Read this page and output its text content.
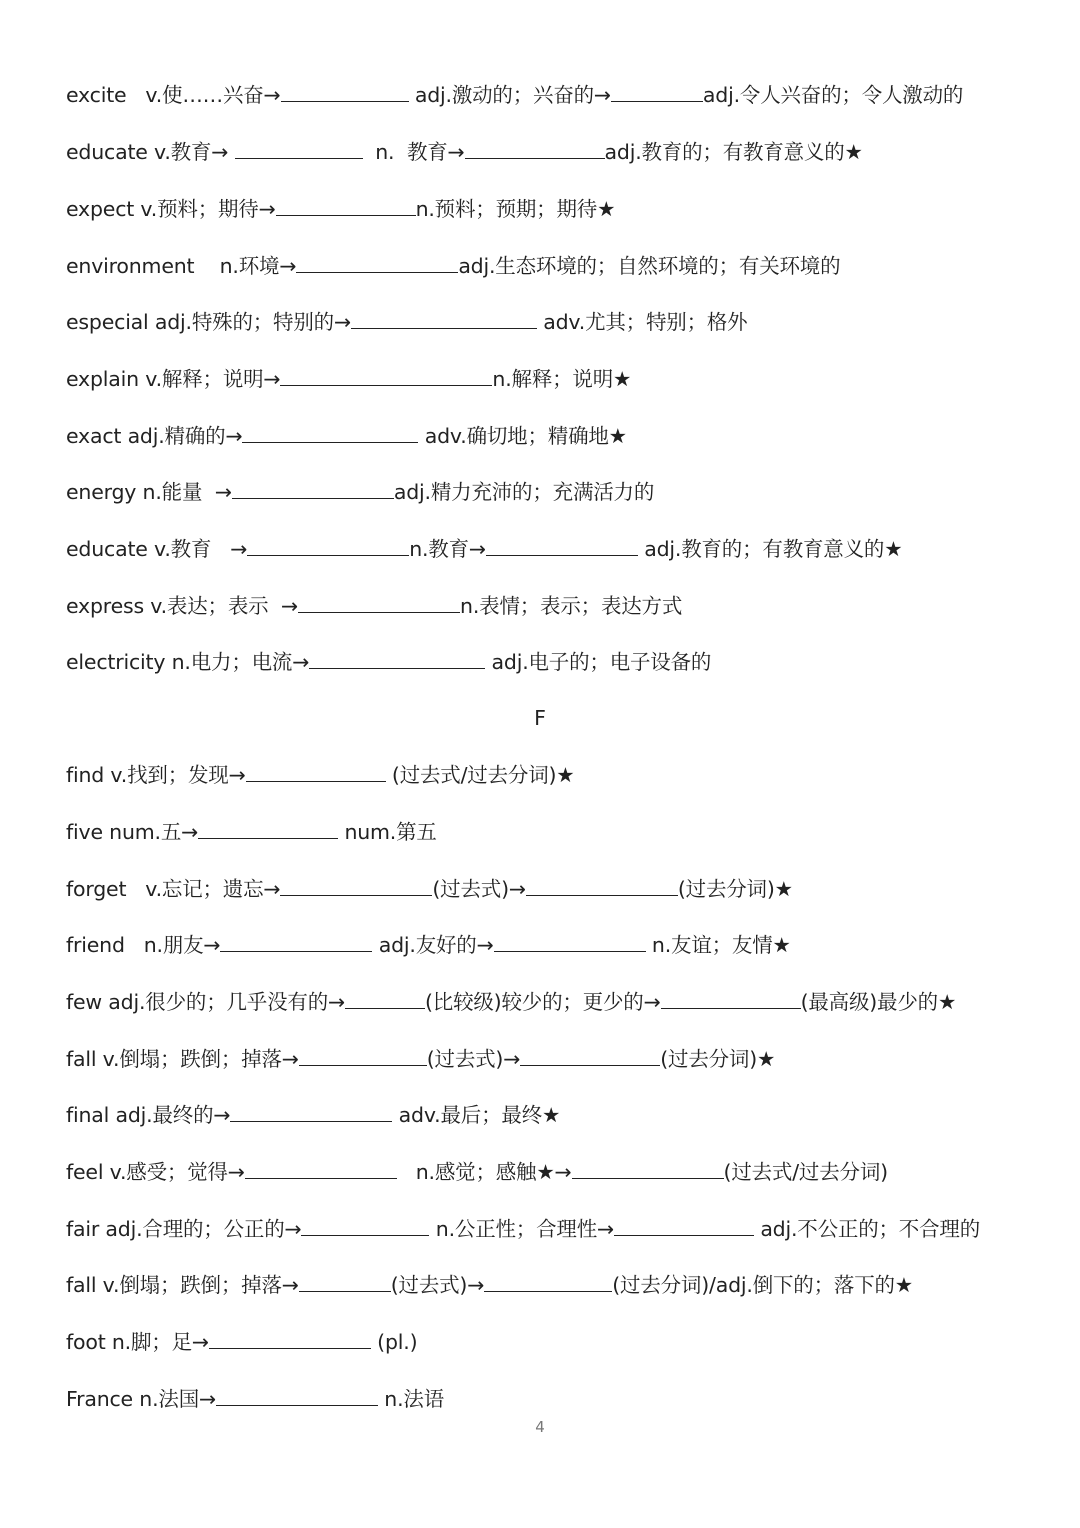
excite   v.使……兴奋→	adj.激动的；兴奋的→	adj.令人兴奋的；令人激动的
educate v.教育→	n.  教育→	adj.教育的；有教育意义的★
expect v.预料；期待→	n.预料；预期；期待★
environment    n.环境→	adj.生态环境的；自然环境的；有关环境的
especial adj.特殊的；特别的→	adv.尤其；特别；格外
explain v.解释；说明→	n.解释；说明★
exact adj.精确的→	adv.确切地；精确地★
energy n.能量  →	adj.精力充沛的；充满活力的
educate v.教育   →	n.教育→	adj.教育的；有教育意义的★
express v.表达；表示  →	n.表情；表示；表达方式
electricity n.电力；电流→	adj.电子的；电子设备的
find v.找到；发现→	(过去式/过去分词)★
five num.五→	num.第五
forget   v.忘记；遗忘→	(过去式)→	(过去分词)★
friend   n.朋友→	adj.友好的→	n.友谊；友情★
few adj.很少的；几乎没有的→	(比较级)较少的；更少的→	(最高级)最少的★
fall v.倒塌；跌倒；掉落→	(过去式)→	(过去分词)★
final adj.最终的→	adv.最后；最终★
feel v.感受；觉得→	n.感觉；感触★→	(过去式/过去分词)
fair adj.合理的；公正的→	n.公正性；合理性→	adj.不公正的；不合理的
fall v.倒塌；跌倒；掉落→	(过去式)→	(过去分词)/adj.倒下的；落下的★
foot n.脚；足→	(pl.)
France n.法国→	n.法语
F
4
